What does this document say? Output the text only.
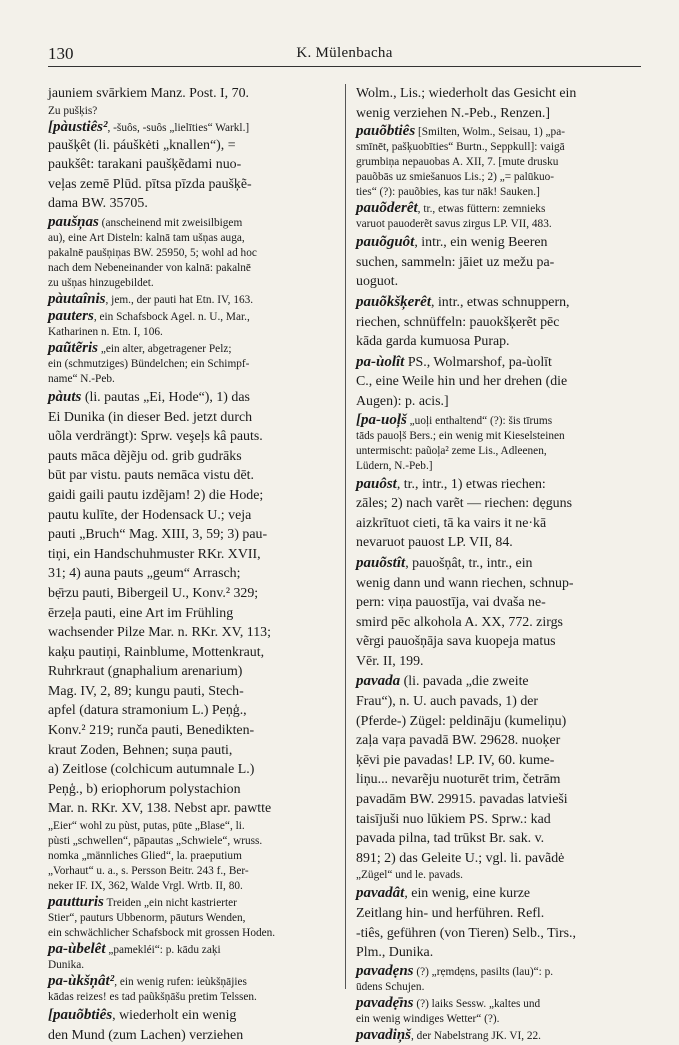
130	K. Mülenbacha
jauniem svārkiem Manz. Post. I, 70.
Zu pušķis?
[pàustiês², -šuôs, -suôs „lielīties“ Warkl.]
paušķêt (li. páuškėti „knallen“), =
paukšêt: tarakani paušķẽdami nuo-
veļas zemē Plūd. pītsa pīzda paušķẽ-
dama BW. 35705.
paušņas (anscheinend mit zweisilbigem
au), eine Art Disteln: kalnā tam ušņas auga,
pakalnē paušņiņas BW. 25950, 5; wohl ad hoc
nach dem Nebeneinander von kalnā: pakalnē
zu ušņas hinzugebildet.
pàutaînis, jem., der pauti hat Etn. IV, 163.
pauters, ein Schafsbock Agel. n. U., Mar.,
Katharinen n. Etn. I, 106.
paũtẽris „ein alter, abgetragener Pelz;
ein (schmutziges) Bündelchen; ein Schimpf-
name“ N.-Peb.
pàuts (li. pautas „Ei, Hode“), 1) das
Ei Dunika (in dieser Bed. jetzt durch
uõla verdrängt): Sprw. veşeļs kâ pauts.
pauts māca dẽjẽju od. grib gudrāks
būt par vistu. pauts nemāca vistu dēt.
gaidi gaili pautu izdẽjam! 2) die Hode;
pautu kulīte, der Hodensack U.; veja
pauti „Bruch“ Mag. XIII, 3, 59; 3) pau-
tiņi, ein Handschuhmuster RKr. XVII,
31; 4) auna pauts „geum“ Arrasch;
bẹ̄rzu pauti, Bibergeil U., Konv.² 329;
ērzeļa pauti, eine Art im Frühling
wachsender Pilze Mar. n. RKr. XV, 113;
kaķu pautiņi, Rainblume, Mottenkraut,
Ruhrkraut (gnaphalium arenarium)
Mag. IV, 2, 89; kungu pauti, Stech-
apfel (datura stramonium L.) Peņģ.,
Konv.² 219; runča pauti, Benedikten-
kraut Zoden, Behnen; suņa pauti,
a) Zeitlose (colchicum autumnale L.)
Peņģ., b) eriophorum polystachion
Mar. n. RKr. XV, 138. Nebst apr. pawtte
„Eier“ wohl zu pùst, putas, pūte „Blase“, li.
pùsti „schwellen“, pāpautas „Schwiele“, wruss.
nomka „männliches Glied“, la. praeputium
„Vorhaut“ u. a., s. Persson Beitr. 243 f., Ber-
neker IF. IX, 362, Walde Vrgl. Wrtb. II, 80.
pautturis Treiden „ein nicht kastrierter
Stier“, pauturs Ubbenorm, pāuturs Wenden,
ein schwächlicher Schafsbock mit grossen Hoden.
pa-ùbelêt „pamekléi“: p. kādu zaķi
Dunika.
pa-ùkšņât², ein wenig rufen: ieùkšņājies
kādas reizes! es tad paũkšņāšu pretim Telssen.
[pauõbtiês, wiederholt ein wenig
den Mund (zum Lachen) verziehen
Wolm., Lis.; wiederholt das Gesicht ein
wenig verziehen N.-Peb., Renzen.]
pauõbtiês [Smilten, Wolm., Seisau, 1) „pa-
smīnēt, pašķuobīties“ Burtn., Seppkull]: vaigā
grumbiņa nepauobas A. XII, 7. [mute drusku
pauõbās uz smiešanuos Lis.; 2) „= palūkuo-
ties“ (?): pauõbies, kas tur nāk! Sauken.]
pauõderêt, tr., etwas füttern: zemnieks
varuot pauoderẽt savus zirgus LP. VII, 483.
pauõguôt, intr., ein wenig Beeren
suchen, sammeln: jāiet uz mežu pa-
uoguot.
pauõkšķerêt, intr., etwas schnuppern,
riechen, schnüffeln: pauokšķerẽt pēc
kāda garda kumuosa Purap.
pa-ùolît PS., Wolmarshof, pa-ùolīt
C., eine Weile hin und her drehen (die
Augen): p. acis.]
[pa-uoļš „uoļi enthaltend“ (?): šis tīrums
tāds pauoļš Bers.; ein wenig mit Kieselsteinen
untermischt: paũoļa² zeme Lis., Adleenen,
Lüdern, N.-Peb.]
pauôst, tr., intr., 1) etwas riechen:
zāles; 2) nach varẽt — riechen: dẹguns
aizkrītuot cieti, tā ka vairs it ne·kā
nevaruot pauost LP. VII, 84.
pauõstît, pauošņât, tr., intr., ein
wenig dann und wann riechen, schnup-
pern: viņa pauostīja, vai dvaša ne-
smird pēc alkohola A. XX, 772. zirgs
vẽrgi pauošņāja sava kuopeja matus
Vēr. II, 199.
pavada (li. pavada „die zweite
Frau“), n. U. auch pavads, 1) der
(Pferde-) Zügel: peldināju (kumeliņu)
zaļa vaŗa pavadā BW. 29628. nuoķer
ķēvi pie pavadas! LP. IV, 60. kume-
liņu... nevarẽju nuoturēt trim, četrām
pavadām BW. 29915. pavadas latvieši
taisījuši nuo lūkiem PS. Sprw.: kad
pavada pilna, tad trūkst Br. sak. v.
891; 2) das Geleite U.; vgl. li. pavãdė
„Zügel“ und le. pavads.
pavadât, ein wenig, eine kurze
Zeitlang hin- und herführen. Refl.
-tiês, geführen (von Tieren) Selb., Tirs.,
Plm., Dunika.
pavadẹns (?) „rẹmdẹns, pasilts (lau)“: p.
ūdens Schujen.
pavadẹ̄ns (?) laiks Sessw. „kaltes und
ein wenig windiges Wetter“ (?).
pavadiņš, der Nabelstrang JK. VI, 22.
